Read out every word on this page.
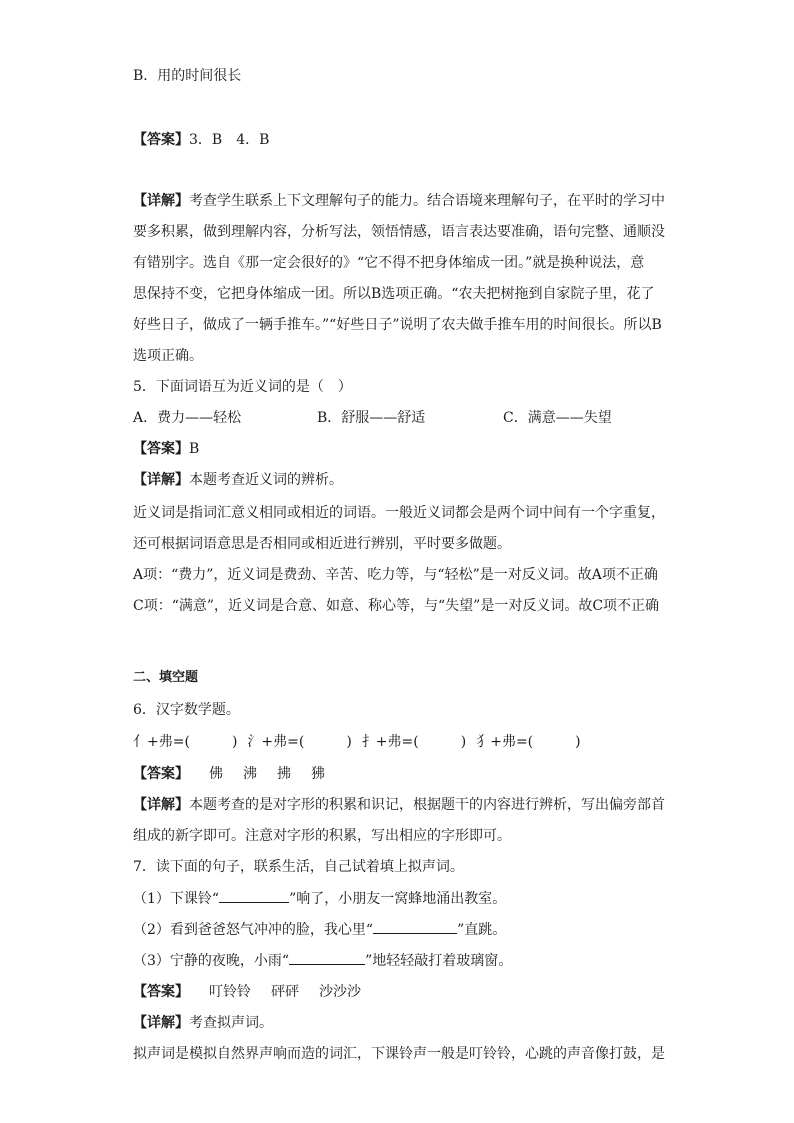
B．用的时间很长
【答案】3．B　4．B
【详解】考查学生联系上下文理解句子的能力。结合语境来理解句子，在平时的学习中
要多积累，做到理解内容，分析写法，领悟情感，语言表达要准确，语句完整、通顺没
有错别字。选自《那一定会很好的》“它不得不把身体缩成一团。”就是换种说法，意
思保持不变，它把身体缩成一团。所以B选项正确。“农夫把树拖到自家院子里，花了
好些日子，做成了一辆手推车。”“好些日子”说明了农夫做手推车用的时间很长。所以B
选项正确。
5．下面词语互为近义词的是（　）
A．费力——轻松	B．舒服——舒适	C．满意——失望
【答案】B
【详解】本题考查近义词的辨析。
近义词是指词汇意义相同或相近的词语。一般近义词都会是两个词中间有一个字重复，
还可根据词语意思是否相同或相近进行辨别，平时要多做题。
A项：“费力”，近义词是费劲、辛苦、吃力等，与“轻松”是一对反义词。故A项不正确
C项：“满意”，近义词是合意、如意、称心等，与“失望”是一对反义词。故C项不正确
二、填空题
6．汉字数学题。
亻+弗=(	) 氵+弗=(	) 扌+弗=(	) 犭+弗=(	)
【答案】 佛 沸 拂 狒
【详解】本题考查的是对字形的积累和识记，根据题干的内容进行辨析，写出偏旁部首
组成的新字即可。注意对字形的积累，写出相应的字形即可。
7．读下面的句子，联系生活，自己试着填上拟声词。
（1）下课铃“	”响了，小朋友一窝蜂地涌出教室。
（2）看到爸爸怒气冲冲的脸，我心里“	”直跳。
（3）宁静的夜晚，小雨“	”地轻轻敲打着玻璃窗。
【答案】 叮铃铃 砰砰 沙沙沙
【详解】考查拟声词。
拟声词是模拟自然界声响而造的词汇，下课铃声一般是叮铃铃，心跳的声音像打鼓，是
